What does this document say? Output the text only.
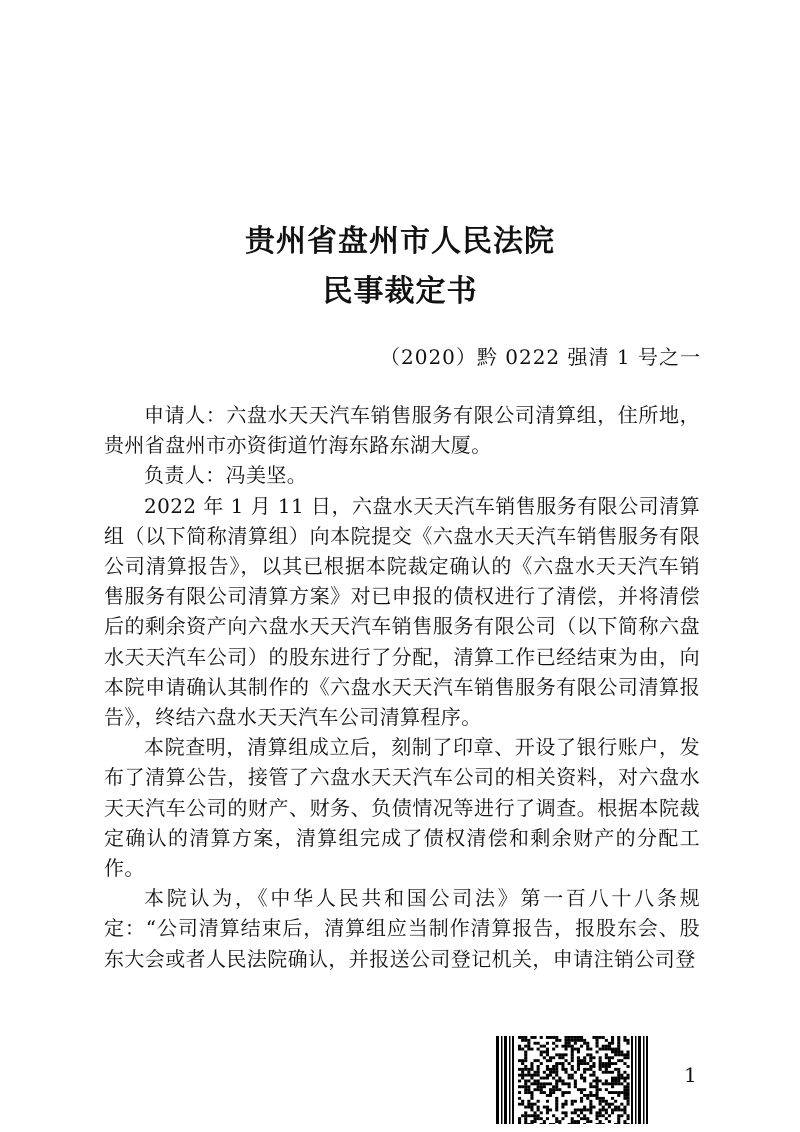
贵州省盘州市人民法院
民事裁定书
（2020）黔 0222 强清 1 号之一

申请人：六盘水天天汽车销售服务有限公司清算组，住所地，贵州省盘州市亦资街道竹海东路东湖大厦。

负责人：冯美坚。

2022 年 1 月 11 日，六盘水天天汽车销售服务有限公司清算组（以下简称清算组）向本院提交《六盘水天天汽车销售服务有限公司清算报告》，以其已根据本院裁定确认的《六盘水天天汽车销售服务有限公司清算方案》对已申报的债权进行了清偿，并将清偿后的剩余资产向六盘水天天汽车销售服务有限公司（以下简称六盘水天天汽车公司）的股东进行了分配，清算工作已经结束为由，向本院申请确认其制作的《六盘水天天汽车销售服务有限公司清算报告》，终结六盘水天天汽车公司清算程序。

本院查明，清算组成立后，刻制了印章、开设了银行账户，发布了清算公告，接管了六盘水天天汽车公司的相关资料，对六盘水天天汽车公司的财产、财务、负债情况等进行了调查。根据本院裁定确认的清算方案，清算组完成了债权清偿和剩余财产的分配工作。

本院认为，《中华人民共和国公司法》第一百八十八条规定：“公司清算结束后，清算组应当制作清算报告，报股东会、股东大会或者人民法院确认，并报送公司登记机关，申请注销公司登

1
